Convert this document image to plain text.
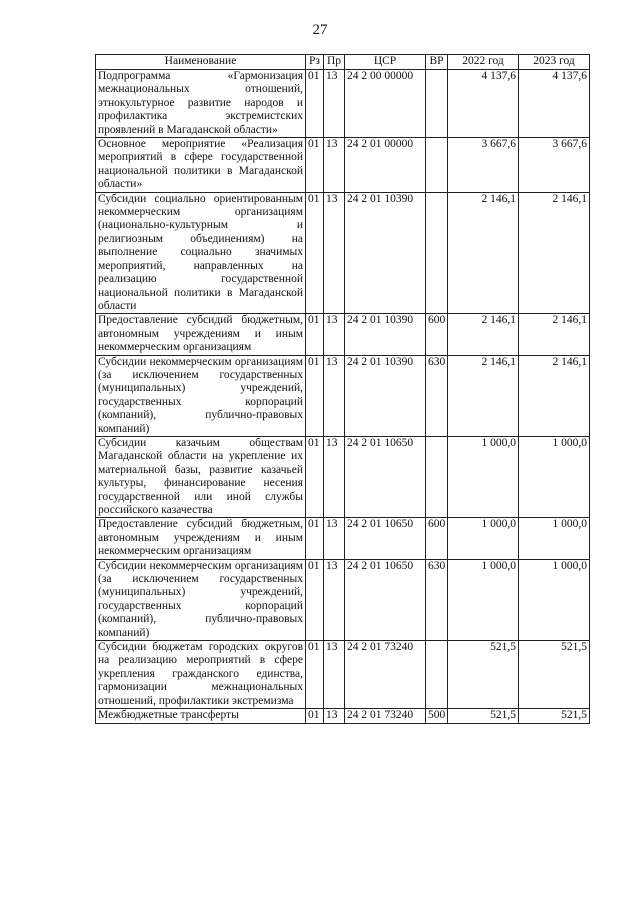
27
Наименование	Рз	Пр	ЦСР	ВР	2022 год	2023 год
Подпрограмма «Гармонизация межнациональных отношений, этнокультурное развитие народов и профилактика экстремистских проявлений в Магаданской области»	01	13	24 2 00 00000		4 137,6	4 137,6
Основное мероприятие «Реализация мероприятий в сфере государственной национальной политики в Магаданской области»	01	13	24 2 01 00000		3 667,6	3 667,6
Субсидии социально ориентированным некоммерческим организациям (национально-культурным и религиозным объединениям) на выполнение социально значимых мероприятий, направленных на реализацию государственной национальной политики в Магаданской области	01	13	24 2 01 10390		2 146,1	2 146,1
Предоставление субсидий бюджетным, автономным учреждениям и иным некоммерческим организациям	01	13	24 2 01 10390	600	2 146,1	2 146,1
Субсидии некоммерческим организациям (за исключением государственных (муниципальных) учреждений, государственных корпораций (компаний), публично-правовых компаний)	01	13	24 2 01 10390	630	2 146,1	2 146,1
Субсидии казачьим обществам Магаданской области на укрепление их материальной базы, развитие казачьей культуры, финансирование несения государственной или иной службы российского казачества	01	13	24 2 01 10650		1 000,0	1 000,0
Предоставление субсидий бюджетным, автономным учреждениям и иным некоммерческим организациям	01	13	24 2 01 10650	600	1 000,0	1 000,0
Субсидии некоммерческим организациям (за исключением государственных (муниципальных) учреждений, государственных корпораций (компаний), публично-правовых компаний)	01	13	24 2 01 10650	630	1 000,0	1 000,0
Субсидии бюджетам городских округов на реализацию мероприятий в сфере укрепления гражданского единства, гармонизации межнациональных отношений, профилактики экстремизма	01	13	24 2 01 73240		521,5	521,5
Межбюджетные трансферты	01	13	24 2 01 73240	500	521,5	521,5
